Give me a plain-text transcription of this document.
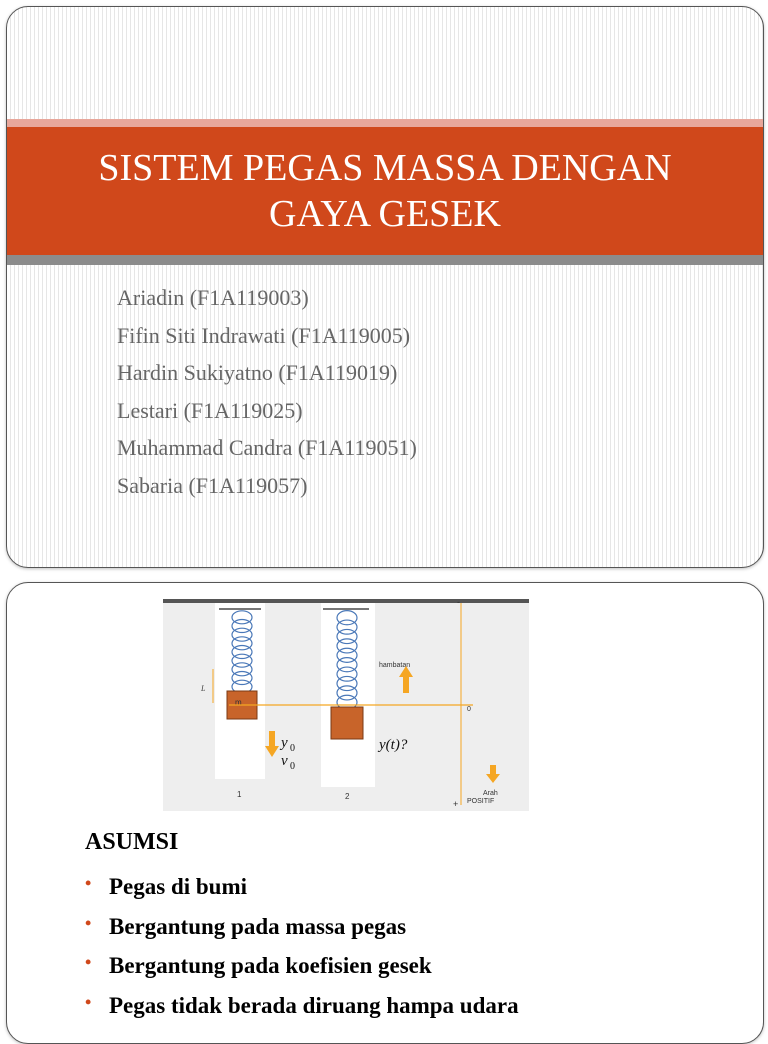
SISTEM PEGAS MASSA DENGAN
GAYA GESEK
Ariadin (F1A119003)
Fifin Siti Indrawati (F1A119005)
Hardin Sukiyatno (F1A119019)
Lestari (F1A119025)
Muhammad Candra (F1A119051)
Sabaria (F1A119057)
m
L
y 0
v 0
y(t)?
hambatan
-
0
Arah
POSITIF
+
1	2
ASUMSI
• Pegas di bumi
• Bergantung pada massa pegas
• Bergantung pada koefisien gesek
• Pegas tidak berada diruang hampa udara
